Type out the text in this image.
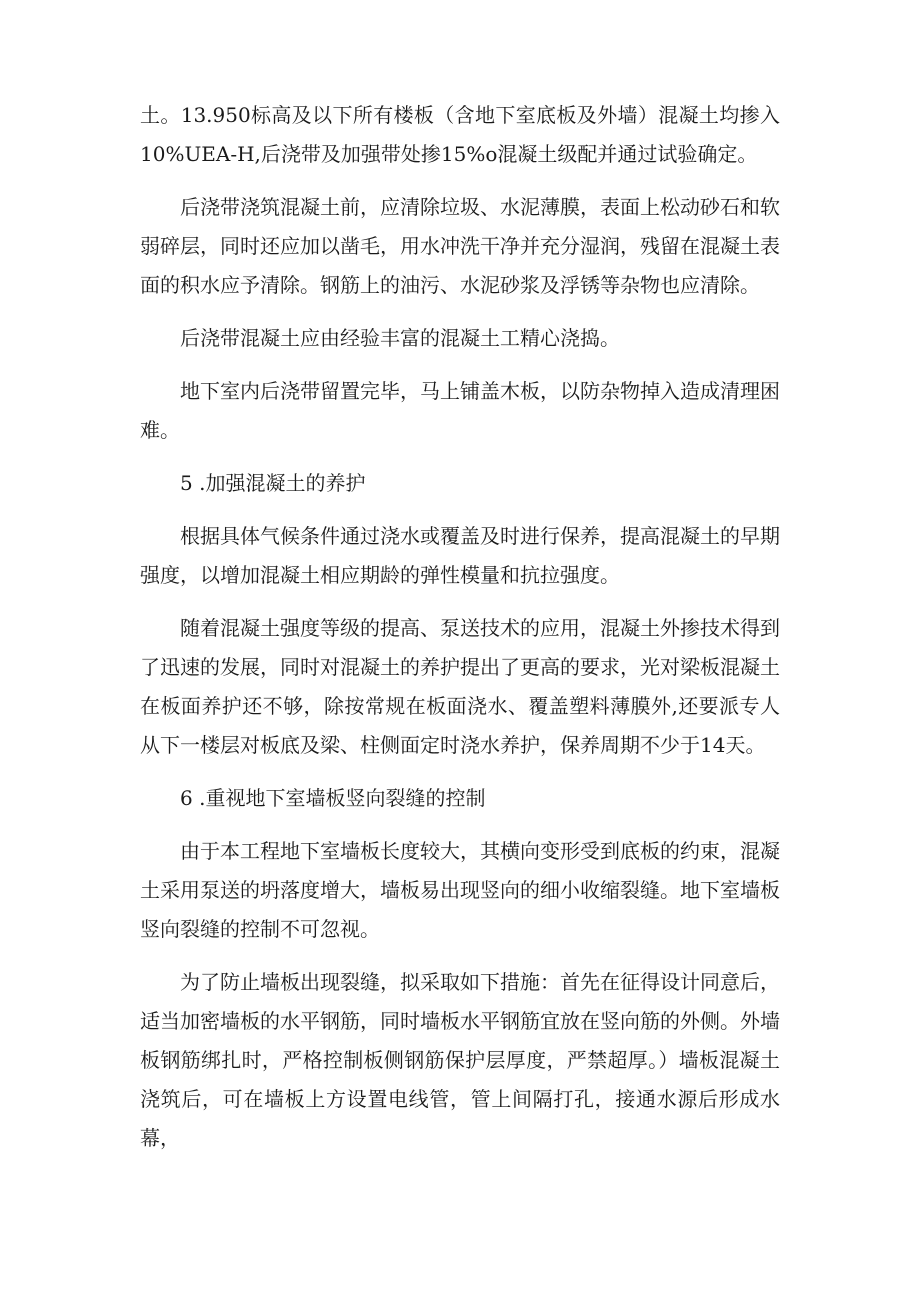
土。13.950标高及以下所有楼板（含地下室底板及外墙）混凝土均掺入10%UEA-H,后浇带及加强带处掺15%o混凝土级配并通过试验确定。

后浇带浇筑混凝土前，应清除垃圾、水泥薄膜，表面上松动砂石和软弱碎层，同时还应加以凿毛，用水冲洗干净并充分湿润，残留在混凝土表面的积水应予清除。钢筋上的油污、水泥砂浆及浮锈等杂物也应清除。

后浇带混凝土应由经验丰富的混凝土工精心浇捣。

地下室内后浇带留置完毕，马上铺盖木板，以防杂物掉入造成清理困难。

5 .加强混凝土的养护

根据具体气候条件通过浇水或覆盖及时进行保养，提高混凝土的早期强度，以增加混凝土相应期龄的弹性模量和抗拉强度。

随着混凝土强度等级的提高、泵送技术的应用，混凝土外掺技术得到了迅速的发展，同时对混凝土的养护提出了更高的要求，光对梁板混凝土在板面养护还不够，除按常规在板面浇水、覆盖塑料薄膜外,还要派专人从下一楼层对板底及梁、柱侧面定时浇水养护，保养周期不少于14天。

6 .重视地下室墙板竖向裂缝的控制

由于本工程地下室墙板长度较大，其横向变形受到底板的约束，混凝土采用泵送的坍落度增大，墙板易出现竖向的细小收缩裂缝。地下室墙板竖向裂缝的控制不可忽视。

为了防止墙板出现裂缝，拟采取如下措施：首先在征得设计同意后，适当加密墙板的水平钢筋，同时墙板水平钢筋宜放在竖向筋的外侧。外墙板钢筋绑扎时，严格控制板侧钢筋保护层厚度，严禁超厚。）墙板混凝土浇筑后，可在墙板上方设置电线管，管上间隔打孔，接通水源后形成水幕，
